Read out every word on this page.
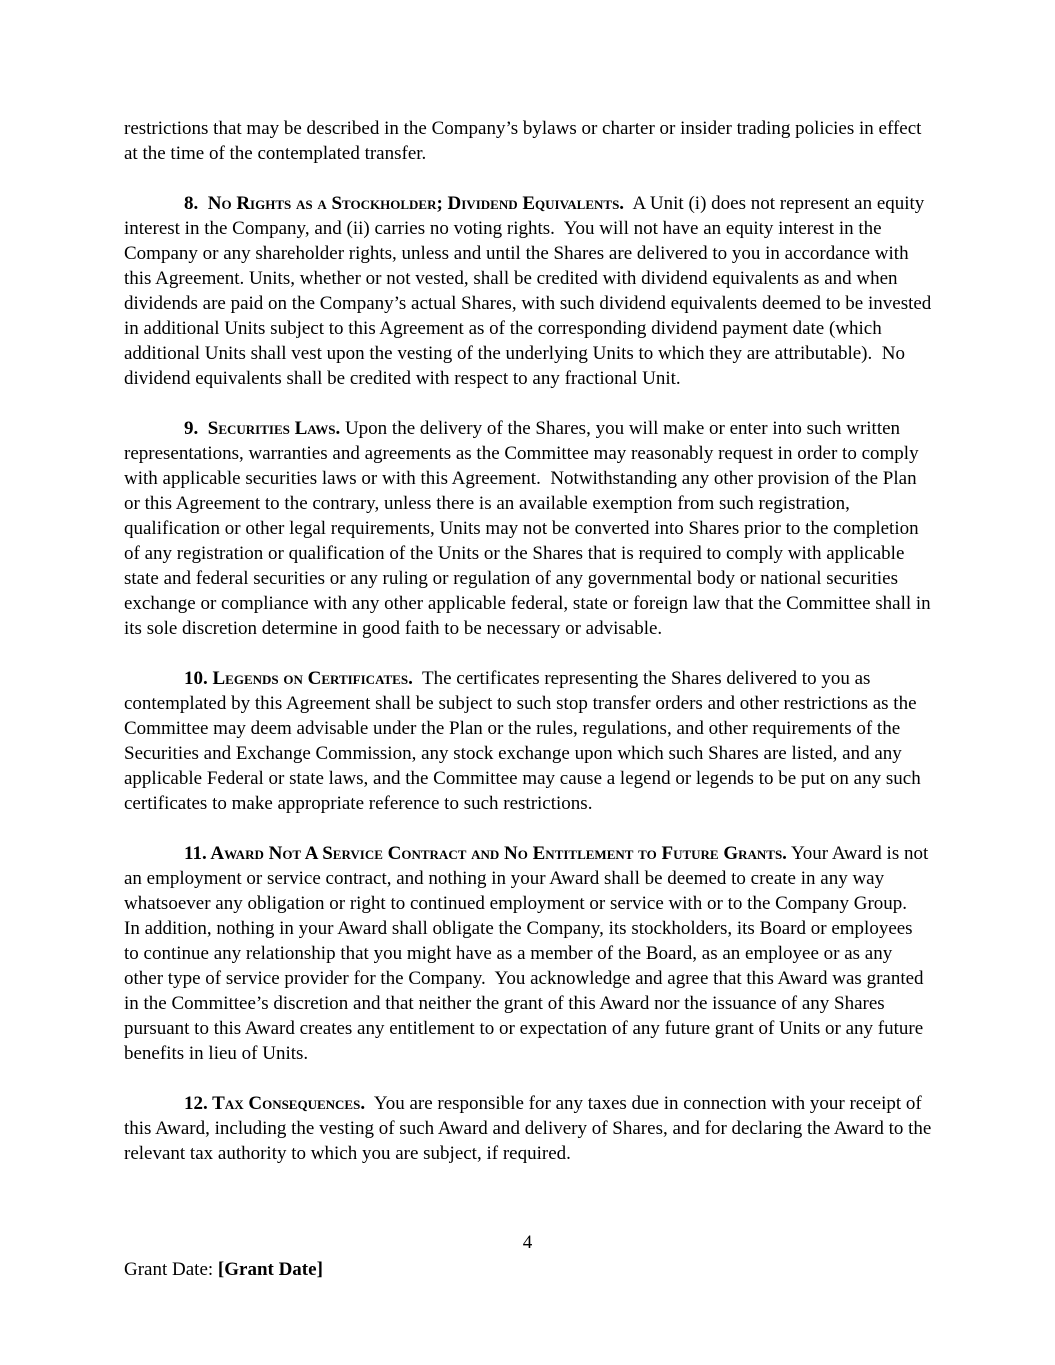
restrictions that may be described in the Company’s bylaws or charter or insider trading policies in effect at the time of the contemplated transfer.

8.  No Rights as a Stockholder; Dividend Equivalents.  A Unit (i) does not represent an equity interest in the Company, and (ii) carries no voting rights.  You will not have an equity interest in the Company or any shareholder rights, unless and until the Shares are delivered to you in accordance with this Agreement. Units, whether or not vested, shall be credited with dividend equivalents as and when dividends are paid on the Company’s actual Shares, with such dividend equivalents deemed to be invested in additional Units subject to this Agreement as of the corresponding dividend payment date (which additional Units shall vest upon the vesting of the underlying Units to which they are attributable).  No dividend equivalents shall be credited with respect to any fractional Unit.

9.  Securities Laws. Upon the delivery of the Shares, you will make or enter into such written representations, warranties and agreements as the Committee may reasonably request in order to comply with applicable securities laws or with this Agreement.  Notwithstanding any other provision of the Plan or this Agreement to the contrary, unless there is an available exemption from such registration, qualification or other legal requirements, Units may not be converted into Shares prior to the completion of any registration or qualification of the Units or the Shares that is required to comply with applicable state and federal securities or any ruling or regulation of any governmental body or national securities exchange or compliance with any other applicable federal, state or foreign law that the Committee shall in its sole discretion determine in good faith to be necessary or advisable.

10. Legends on Certificates.  The certificates representing the Shares delivered to you as contemplated by this Agreement shall be subject to such stop transfer orders and other restrictions as the Committee may deem advisable under the Plan or the rules, regulations, and other requirements of the Securities and Exchange Commission, any stock exchange upon which such Shares are listed, and any applicable Federal or state laws, and the Committee may cause a legend or legends to be put on any such certificates to make appropriate reference to such restrictions.

11. Award Not A Service Contract and No Entitlement to Future Grants. Your Award is not an employment or service contract, and nothing in your Award shall be deemed to create in any way whatsoever any obligation or right to continued employment or service with or to the Company Group.  In addition, nothing in your Award shall obligate the Company, its stockholders, its Board or employees to continue any relationship that you might have as a member of the Board, as an employee or as any other type of service provider for the Company.  You acknowledge and agree that this Award was granted in the Committee’s discretion and that neither the grant of this Award nor the issuance of any Shares pursuant to this Award creates any entitlement to or expectation of any future grant of Units or any future benefits in lieu of Units.

12. Tax Consequences.  You are responsible for any taxes due in connection with your receipt of this Award, including the vesting of such Award and delivery of Shares, and for declaring the Award to the relevant tax authority to which you are subject, if required.

4
Grant Date: [Grant Date]
